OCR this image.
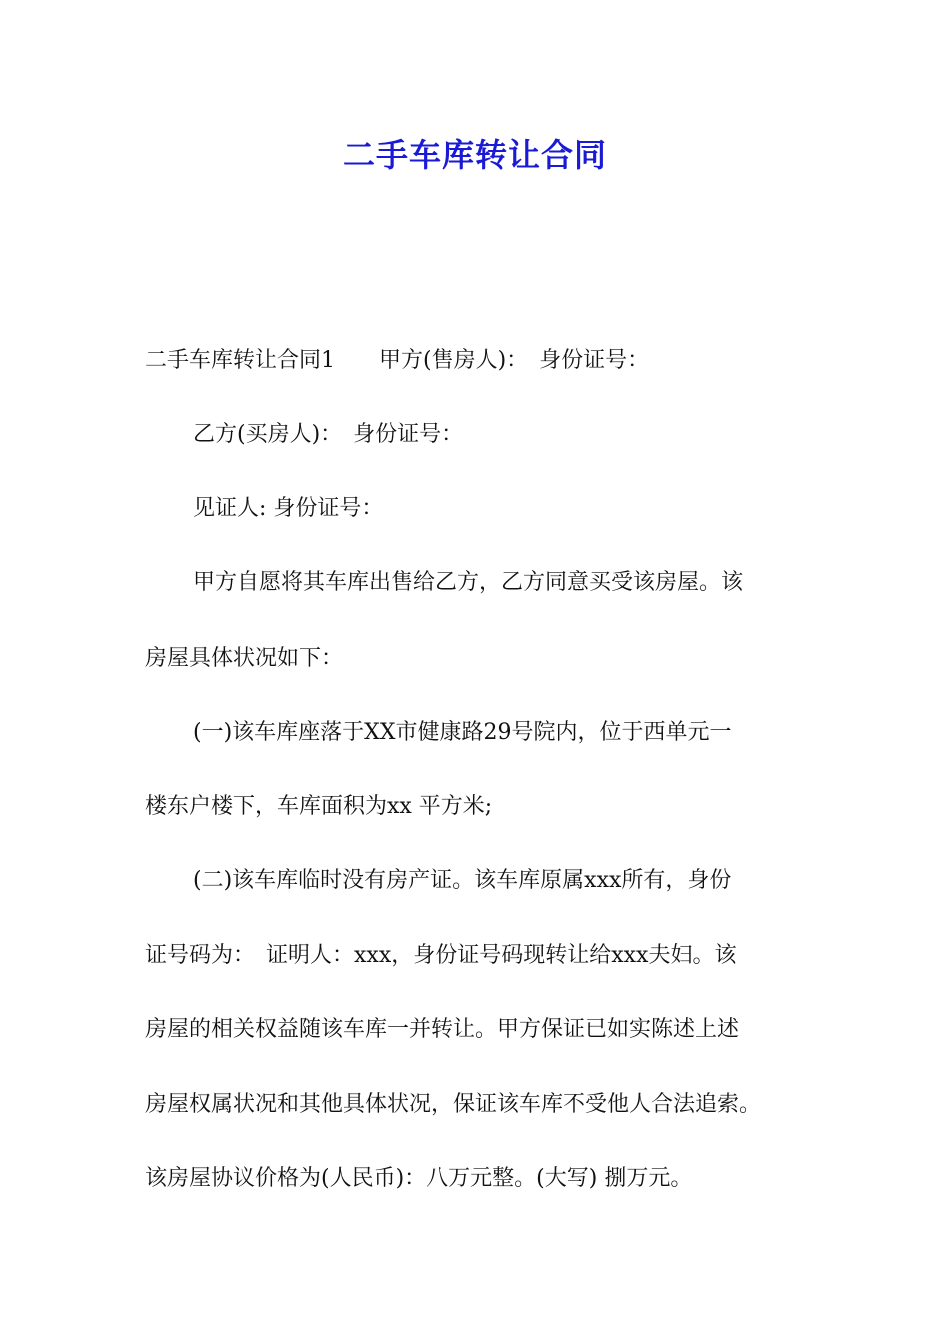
二手车库转让合同
二手车库转让合同1　　甲方(售房人)：　身份证号：
乙方(买房人)：　身份证号：
见证人: 身份证号：
甲方自愿将其车库出售给乙方，乙方同意买受该房屋。该
房屋具体状况如下：
(一)该车库座落于XX市健康路29号院内，位于西单元一
楼东户楼下，车库面积为xx 平方米;
(二)该车库临时没有房产证。该车库原属xxx所有，身份
证号码为：　证明人：xxx，身份证号码现转让给xxx夫妇。该
房屋的相关权益随该车库一并转让。甲方保证已如实陈述上述
房屋权属状况和其他具体状况，保证该车库不受他人合法追索。
该房屋协议价格为(人民币)：八万元整。(大写) 捌万元。
